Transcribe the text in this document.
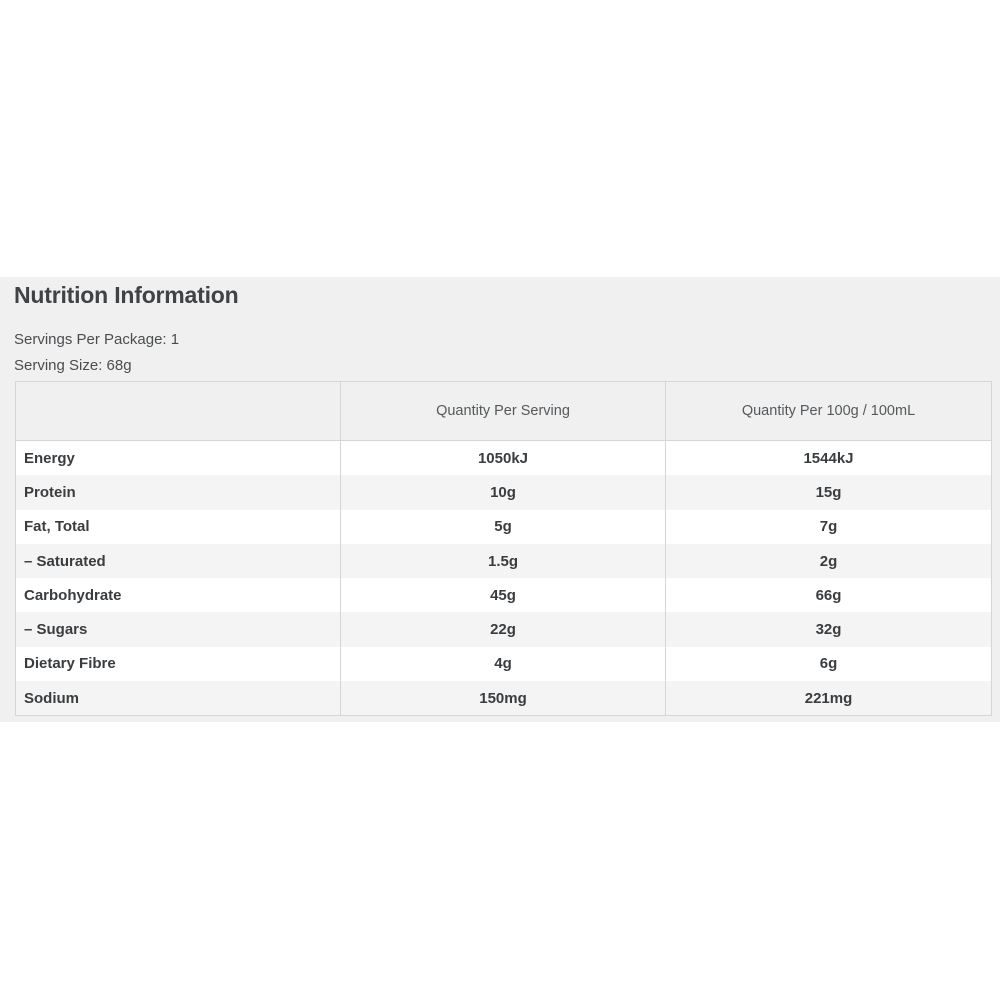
Nutrition Information
Servings Per Package: 1
Serving Size: 68g
	Quantity Per Serving	Quantity Per 100g / 100mL
Energy	1050kJ	1544kJ
Protein	10g	15g
Fat, Total	5g	7g
– Saturated	1.5g	2g
Carbohydrate	45g	66g
– Sugars	22g	32g
Dietary Fibre	4g	6g
Sodium	150mg	221mg
